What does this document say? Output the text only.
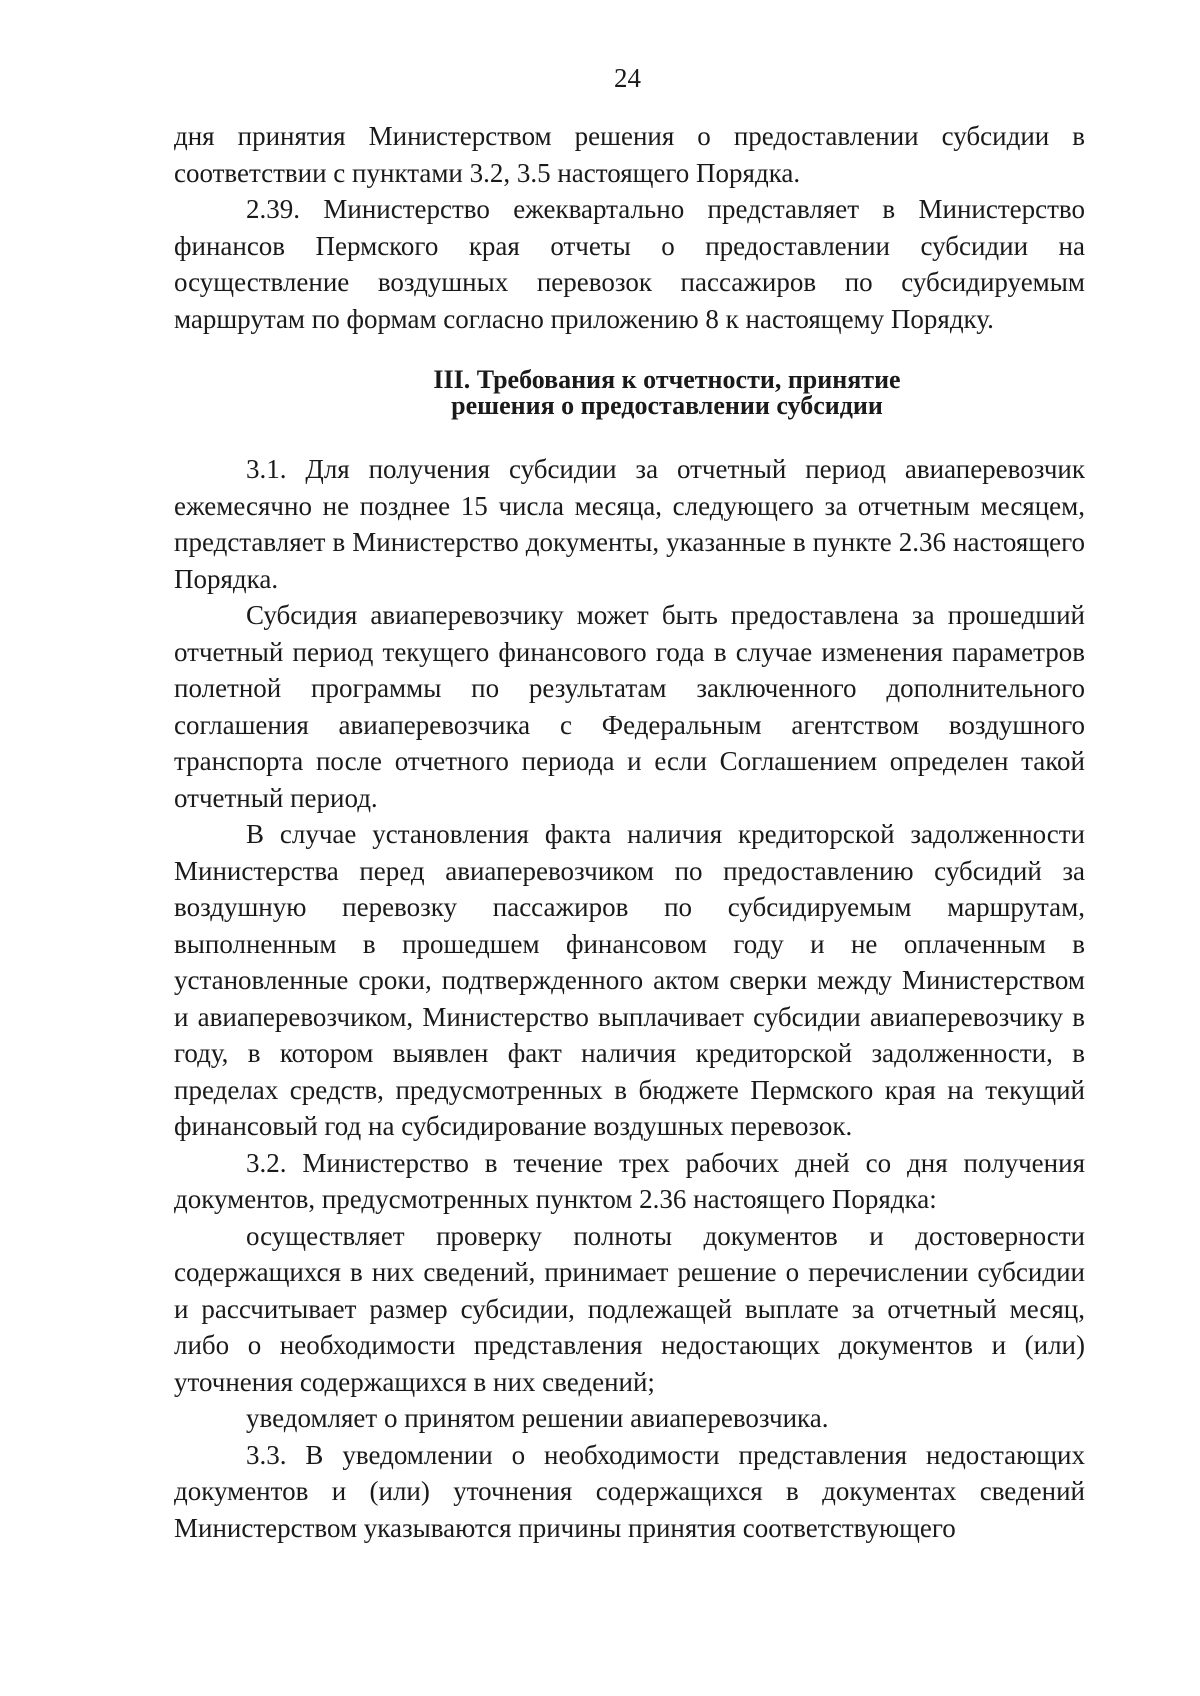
24

дня принятия Министерством решения о предоставлении субсидии в соответствии с пунктами 3.2, 3.5 настоящего Порядка.

2.39. Министерство ежеквартально представляет в Министерство финансов Пермского края отчеты о предоставлении субсидии на осуществление воздушных перевозок пассажиров по субсидируемым маршрутам по формам согласно приложению 8 к настоящему Порядку.

III. Требования к отчетности, принятие
решения о предоставлении субсидии

3.1. Для получения субсидии за отчетный период авиаперевозчик ежемесячно не позднее 15 числа месяца, следующего за отчетным месяцем, представляет в Министерство документы, указанные в пункте 2.36 настоящего Порядка.

Субсидия авиаперевозчику может быть предоставлена за прошедший отчетный период текущего финансового года в случае изменения параметров полетной программы по результатам заключенного дополнительного соглашения авиаперевозчика с Федеральным агентством воздушного транспорта после отчетного периода и если Соглашением определен такой отчетный период.

В случае установления факта наличия кредиторской задолженности Министерства перед авиаперевозчиком по предоставлению субсидий за воздушную перевозку пассажиров по субсидируемым маршрутам, выполненным в прошедшем финансовом году и не оплаченным в установленные сроки, подтвержденного актом сверки между Министерством и авиаперевозчиком, Министерство выплачивает субсидии авиаперевозчику в году, в котором выявлен факт наличия кредиторской задолженности, в пределах средств, предусмотренных в бюджете Пермского края на текущий финансовый год на субсидирование воздушных перевозок.

3.2. Министерство в течение трех рабочих дней со дня получения документов, предусмотренных пунктом 2.36 настоящего Порядка:

осуществляет проверку полноты документов и достоверности содержащихся в них сведений, принимает решение о перечислении субсидии и рассчитывает размер субсидии, подлежащей выплате за отчетный месяц, либо о необходимости представления недостающих документов и (или) уточнения содержащихся в них сведений;

уведомляет о принятом решении авиаперевозчика.

3.3. В уведомлении о необходимости представления недостающих документов и (или) уточнения содержащихся в документах сведений Министерством указываются причины принятия соответствующего
